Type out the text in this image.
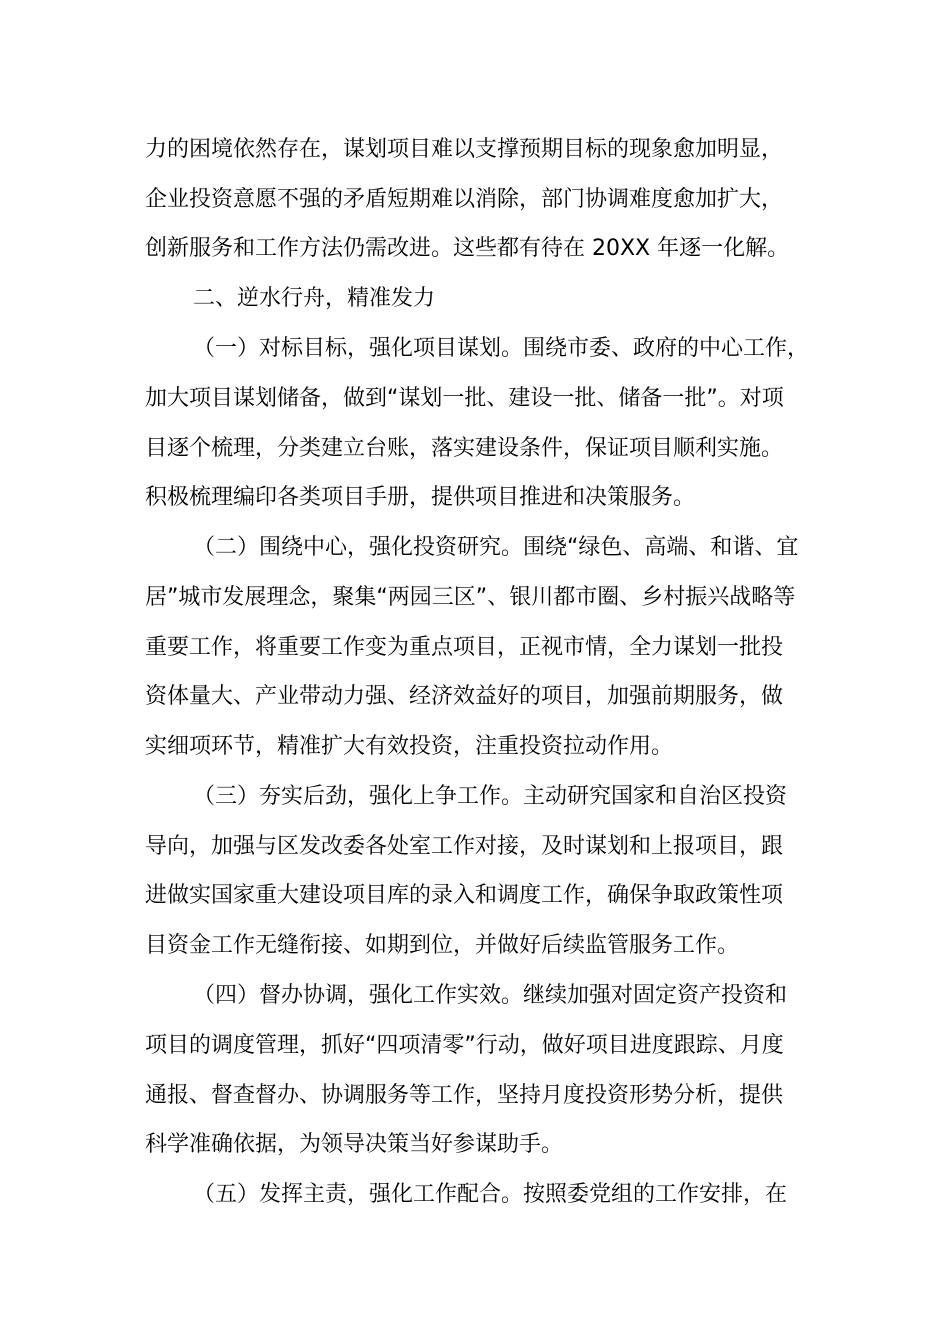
力的困境依然存在，谋划项目难以支撑预期目标的现象愈加明显，
企业投资意愿不强的矛盾短期难以消除，部门协调难度愈加扩大，
创新服务和工作方法仍需改进。这些都有待在 20XX 年逐一化解。
二、逆水行舟，精准发力
（一）对标目标，强化项目谋划。围绕市委、政府的中心工作，
加大项目谋划储备，做到“谋划一批、建设一批、储备一批”。对项
目逐个梳理，分类建立台账，落实建设条件，保证项目顺利实施。
积极梳理编印各类项目手册，提供项目推进和决策服务。
（二）围绕中心，强化投资研究。围绕“绿色、高端、和谐、宜
居”城市发展理念，聚集“两园三区”、银川都市圈、乡村振兴战略等
重要工作，将重要工作变为重点项目，正视市情，全力谋划一批投
资体量大、产业带动力强、经济效益好的项目，加强前期服务，做
实细项环节，精准扩大有效投资，注重投资拉动作用。
（三）夯实后劲，强化上争工作。主动研究国家和自治区投资
导向，加强与区发改委各处室工作对接，及时谋划和上报项目，跟
进做实国家重大建设项目库的录入和调度工作，确保争取政策性项
目资金工作无缝衔接、如期到位，并做好后续监管服务工作。
（四）督办协调，强化工作实效。继续加强对固定资产投资和
项目的调度管理，抓好“四项清零”行动，做好项目进度跟踪、月度
通报、督查督办、协调服务等工作，坚持月度投资形势分析，提供
科学准确依据，为领导决策当好参谋助手。
（五）发挥主责，强化工作配合。按照委党组的工作安排，在
